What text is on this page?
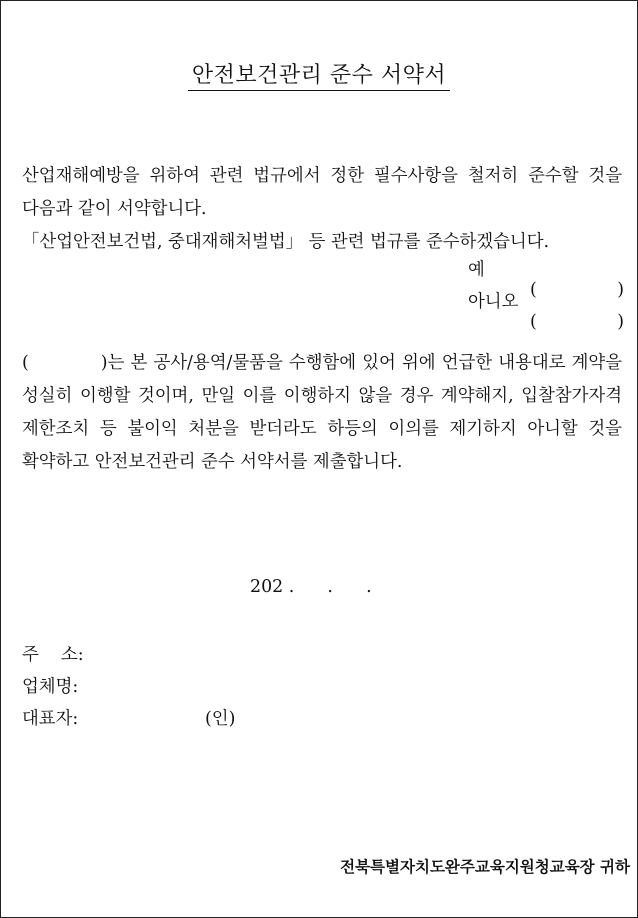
안전보건관리 준수 서약서
산업재해예방을 위하여 관련 법규에서 정한 필수사항을 철저히 준수할 것을 다음과 같이 서약합니다.
「산업안전보건법, 중대재해처벌법」 등 관련 법규를 준수하겠습니다.
예
(	)
아니오
(	)
(	)는 본 공사/용역/물품을 수행함에 있어 위에 언급한 내용대로 계약을 성실히 이행할 것이며, 만일 이를 이행하지 않을 경우 계약해지, 입찰참가자격 제한조치 등 불이익 처분을 받더라도 하등의 이의를 제기하지 아니할 것을 확약하고 안전보건관리 준수 서약서를 제출합니다.
202 .      .      .
주    소:
업체명:
대표자:	(인)
전북특별자치도완주교육지원청교육장 귀하
